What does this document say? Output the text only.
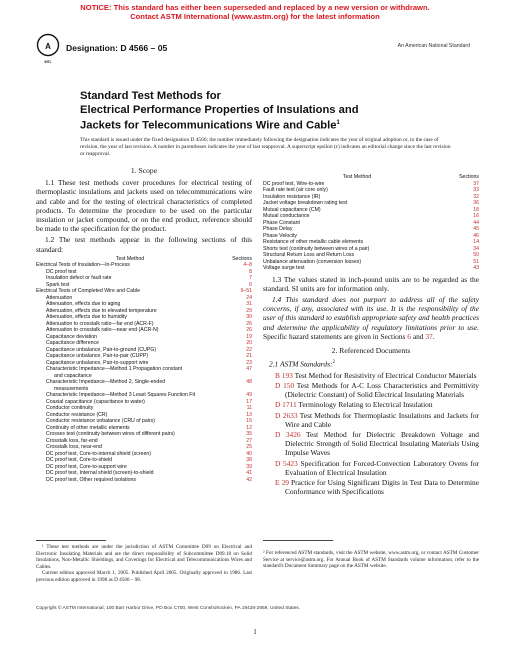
NOTICE: This standard has either been superseded and replaced by a new version or withdrawn.
Contact ASTM International (www.astm.org) for the latest information
A
INTL
Designation: D 4566 – 05	An American National Standard
Standard Test Methods for
Electrical Performance Properties of Insulations and
Jackets for Telecommunications Wire and Cable$^1$
This standard is issued under the fixed designation D 4566; the number immediately following the designation indicates the year of original adoption or, in the case of revision, the year of last revision. A number in parentheses indicates the year of last reapproval. A superscript epsilon (ε) indicates an editorial change since the last revision or reapproval.
1. Scope

1.1 These test methods cover procedures for electrical testing of thermoplastic insulations and jackets used on telecommunications wire and cable and for the testing of electrical characteristics of completed products. To determine the procedure to be used on the particular insulation or jacket compound, or on the end product, reference should be made to the specification for the product.

1.2 The test methods appear in the following sections of this standard:

Test Method	Sections
Electrical Tests of Insulation—In-Process	4–8
DC proof test	8
Insulation defect or fault rate	7
Spark test	6
Electrical Tests of Completed Wire and Cable	9–51
Attenuation	24
Attenuation, effects due to aging	31
Attenuation, effects due to elevated temperature	29
Attenuation, effects due to humidity	30
Attenuation to crosstalk ratio—far end (ACR-F)	26
Attenuation to crosstalk ratio—near end (ACR-N)	26
Capacitance deviation	19
Capacitance difference	20
Capacitance unbalance, Pair-to-ground (CUPG)	22
Capacitance unbalance, Pair-to-pair (CUPP)	21
Capacitance unbalance, Pair-to-support wire	23
Characteristic Impedance—Method 1 Propagation constant	47
and capacitance	
Characteristic Impedance—Method 2, Single-ended	48
measurements	
Characteristic Impedance—Method 3 Least Squares Function Fit	49
Coaxial capacitance (capacitance to water)	17
Conductor continuity	11
Conductor resistance (CR)	13
Conductor resistance unbalance (CRU of pairs)	15
Continuity of other metallic elements	12
Crosses test (continuity between wires of different pairs)	35
Crosstalk loss, far-end	27
Crosstalk loss, near-end	25
DC proof test, Core-to-internal shield (screen)	40
DC proof test, Core-to-shield	38
DC proof test, Core-to-support wire	39
DC proof test, Internal shield (screen)-to-shield	41
DC proof test, Other required isolations	42
Test Method	Sections
DC proof test, Wire-to-wire	37
Fault rate test (air core only)	33
Insulation resistance (IR)	32
Jacket voltage breakdown rating test	36
Mutual capacitance (CM)	18
Mutual conductance	16
Phase Constant	44
Phase Delay	45
Phase Velocity	46
Resistance of other metallic cable elements	14
Shorts test (continuity between wires of a pair)	34
Structural Return Loss and Return Loss	50
Unbalance attenuation (conversion losses)	51
Voltage surge test	43

1.3 The values stated in inch-pound units are to be regarded as the standard. SI units are for information only.

1.4 This standard does not purport to address all of the safety concerns, if any, associated with its use. It is the responsibility of the user of this standard to establish appropriate safety and health practices and determine the applicability of regulatory limitations prior to use. Specific hazard statements are given in Sections 6 and 37.

2. Referenced Documents

2.1 ASTM Standards:$^2$

B 193 Test Method for Resistivity of Electrical Conductor Materials
D 150 Test Methods for A-C Loss Characteristics and Permittivity (Dielectric Constant) of Solid Electrical Insulating Materials
D 1711 Terminology Relating to Electrical Insulation
D 2633 Test Methods for Thermoplastic Insulations and Jackets for Wire and Cable
D 3426 Test Method for Dielectric Breakdown Voltage and Dielectric Strength of Solid Electrical Insulating Materials Using Impulse Waves
D 5423 Specification for Forced-Convection Laboratory Ovens for Evaluation of Electrical Insulation
E 29 Practice for Using Significant Digits in Test Data to Determine Conformance with Specifications
¹ These test methods are under the jurisdiction of ASTM Committee D09 on Electrical and Electronic Insulating Materials and are the direct responsibility of Subcommittee D09.18 on Solid Insulations, Non-Metallic Shieldings, and Coverings for Electrical and Telecommunications Wires and Cables.
Current edition approved March 1, 2005. Published April 2005. Originally approved in 1986. Last previous edition approved in 1998 as D 4566 – 98.
² For referenced ASTM standards, visit the ASTM website, www.astm.org, or contact ASTM Customer Service at service@astm.org. For Annual Book of ASTM Standards volume information, refer to the standard's Document Summary page on the ASTM website.
Copyright © ASTM International, 100 Barr Harbor Drive, PO Box C700, West Conshohocken, PA 19428-2959, United States.
1
